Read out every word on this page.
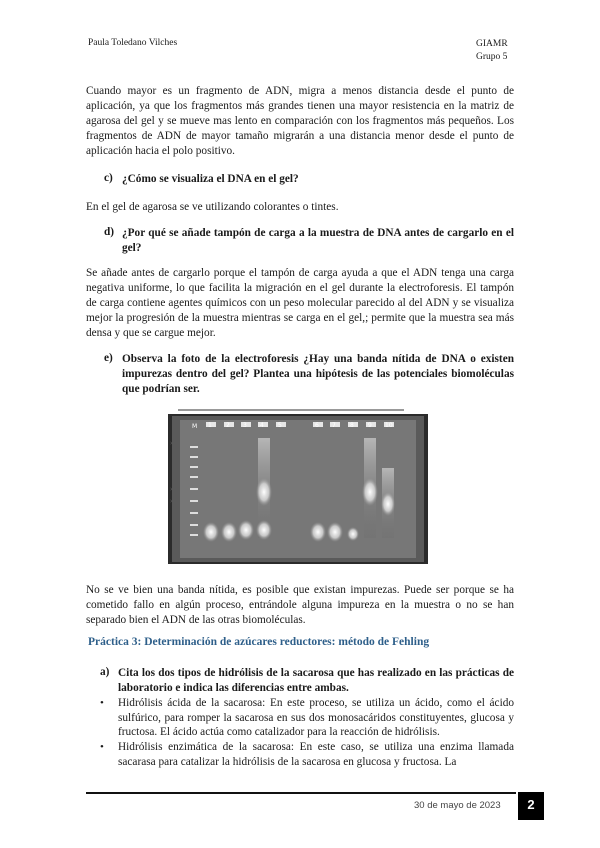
Paula Toledano Vilches	GIAMR
Grupo 5
Cuando mayor es un fragmento de ADN, migra a menos distancia desde el punto de aplicación, ya que los fragmentos más grandes tienen una mayor resistencia en la matriz de agarosa del gel y se mueve mas lento en comparación con los fragmentos más pequeños. Los fragmentos de ADN de mayor tamaño migrarán a una distancia menor desde el punto de aplicación hacia el polo positivo.
c) ¿Cómo se visualiza el DNA en el gel?
En el gel de agarosa se ve utilizando colorantes o tintes.
d) ¿Por qué se añade tampón de carga a la muestra de DNA antes de cargarlo en el gel?
Se añade antes de cargarlo porque el tampón de carga ayuda a que el ADN tenga una carga negativa uniforme, lo que facilita la migración en el gel durante la electroforesis. El tampón de carga contiene agentes químicos con un peso molecular parecido al del ADN y se visualiza mejor la progresión de la muestra mientras se carga en el gel,; permite que la muestra sea más densa y que se cargue mejor.
e) Observa la foto de la electroforesis ¿Hay una banda nítida de DNA o existen impurezas dentro del gel? Plantea una hipótesis de las potenciales biomoléculas que podrían ser.
M 1 2 3 4 5	6 7 8 9 10
›
›
›
No se ve bien una banda nítida, es posible que existan impurezas. Puede ser porque se ha cometido fallo en algún proceso, entrándole alguna impureza en la muestra o no se han separado bien el ADN de las otras biomoléculas.
Práctica 3: Determinación de azúcares reductores: método de Fehling
a) Cita los dos tipos de hidrólisis de la sacarosa que has realizado en las prácticas de laboratorio e indica las diferencias entre ambas.
• Hidrólisis ácida de la sacarosa: En este proceso, se utiliza un ácido, como el ácido sulfúrico, para romper la sacarosa en sus dos monosacáridos constituyentes, glucosa y fructosa. El ácido actúa como catalizador para la reacción de hidrólisis.
• Hidrólisis enzimática de la sacarosa: En este caso, se utiliza una enzima llamada sacarasa para catalizar la hidrólisis de la sacarosa en glucosa y fructosa. La
30 de mayo de 2023	2
